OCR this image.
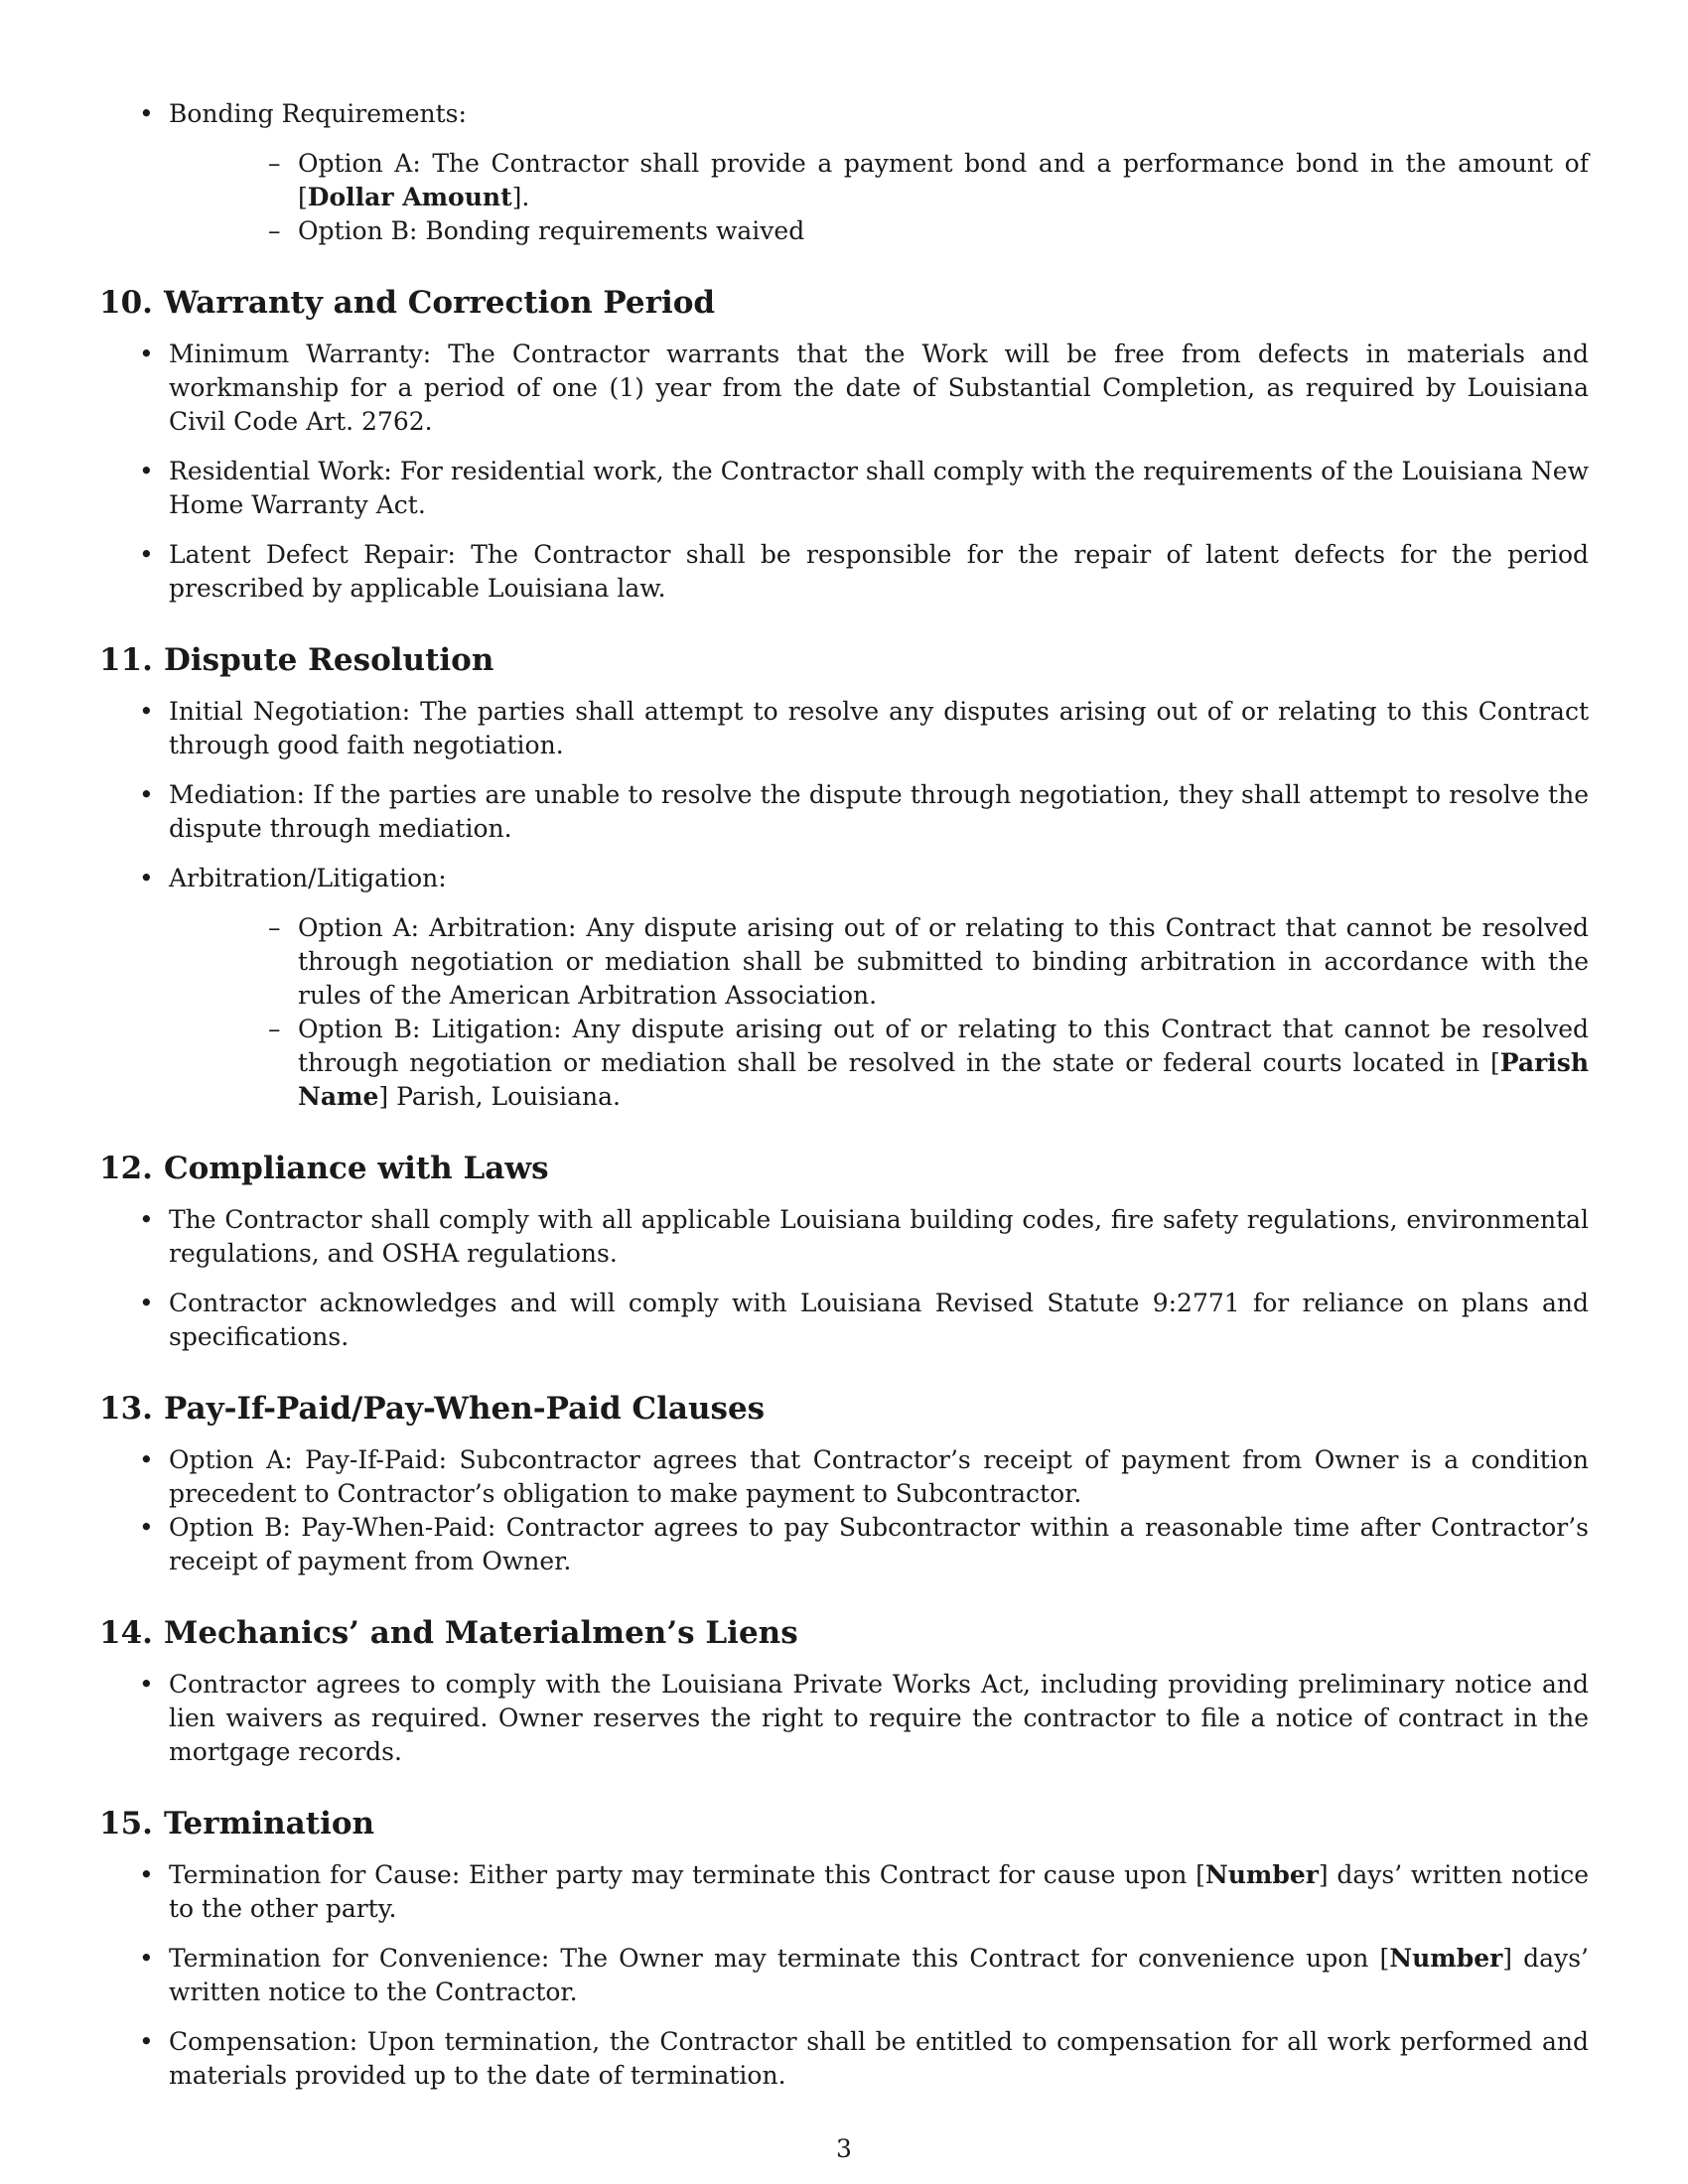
• Bonding Requirements:
– Option A: The Contractor shall provide a payment bond and a performance bond in the amount of [Dollar Amount].
– Option B: Bonding requirements waived
10. Warranty and Correction Period
• Minimum Warranty: The Contractor warrants that the Work will be free from defects in materials and workmanship for a period of one (1) year from the date of Substantial Completion, as required by Louisiana Civil Code Art. 2762.
• Residential Work: For residential work, the Contractor shall comply with the requirements of the Louisiana New Home Warranty Act.
• Latent Defect Repair: The Contractor shall be responsible for the repair of latent defects for the period prescribed by applicable Louisiana law.
11. Dispute Resolution
• Initial Negotiation: The parties shall attempt to resolve any disputes arising out of or relating to this Contract through good faith negotiation.
• Mediation: If the parties are unable to resolve the dispute through negotiation, they shall attempt to resolve the dispute through mediation.
• Arbitration/Litigation:
– Option A: Arbitration: Any dispute arising out of or relating to this Contract that cannot be resolved through negotiation or mediation shall be submitted to binding arbitration in accordance with the rules of the American Arbitration Association.
– Option B: Litigation: Any dispute arising out of or relating to this Contract that cannot be resolved through negotiation or mediation shall be resolved in the state or federal courts located in [Parish Name] Parish, Louisiana.
12. Compliance with Laws
• The Contractor shall comply with all applicable Louisiana building codes, fire safety regulations, environmental regulations, and OSHA regulations.
• Contractor acknowledges and will comply with Louisiana Revised Statute 9:2771 for reliance on plans and specifications.
13. Pay-If-Paid/Pay-When-Paid Clauses
• Option A: Pay-If-Paid: Subcontractor agrees that Contractor’s receipt of payment from Owner is a condition precedent to Contractor’s obligation to make payment to Subcontractor.
• Option B: Pay-When-Paid: Contractor agrees to pay Subcontractor within a reasonable time after Contractor’s receipt of payment from Owner.
14. Mechanics’ and Materialmen’s Liens
• Contractor agrees to comply with the Louisiana Private Works Act, including providing preliminary notice and lien waivers as required. Owner reserves the right to require the contractor to file a notice of contract in the mortgage records.
15. Termination
• Termination for Cause: Either party may terminate this Contract for cause upon [Number] days’ written notice to the other party.
• Termination for Convenience: The Owner may terminate this Contract for convenience upon [Number] days’ written notice to the Contractor.
• Compensation: Upon termination, the Contractor shall be entitled to compensation for all work performed and materials provided up to the date of termination.
3
